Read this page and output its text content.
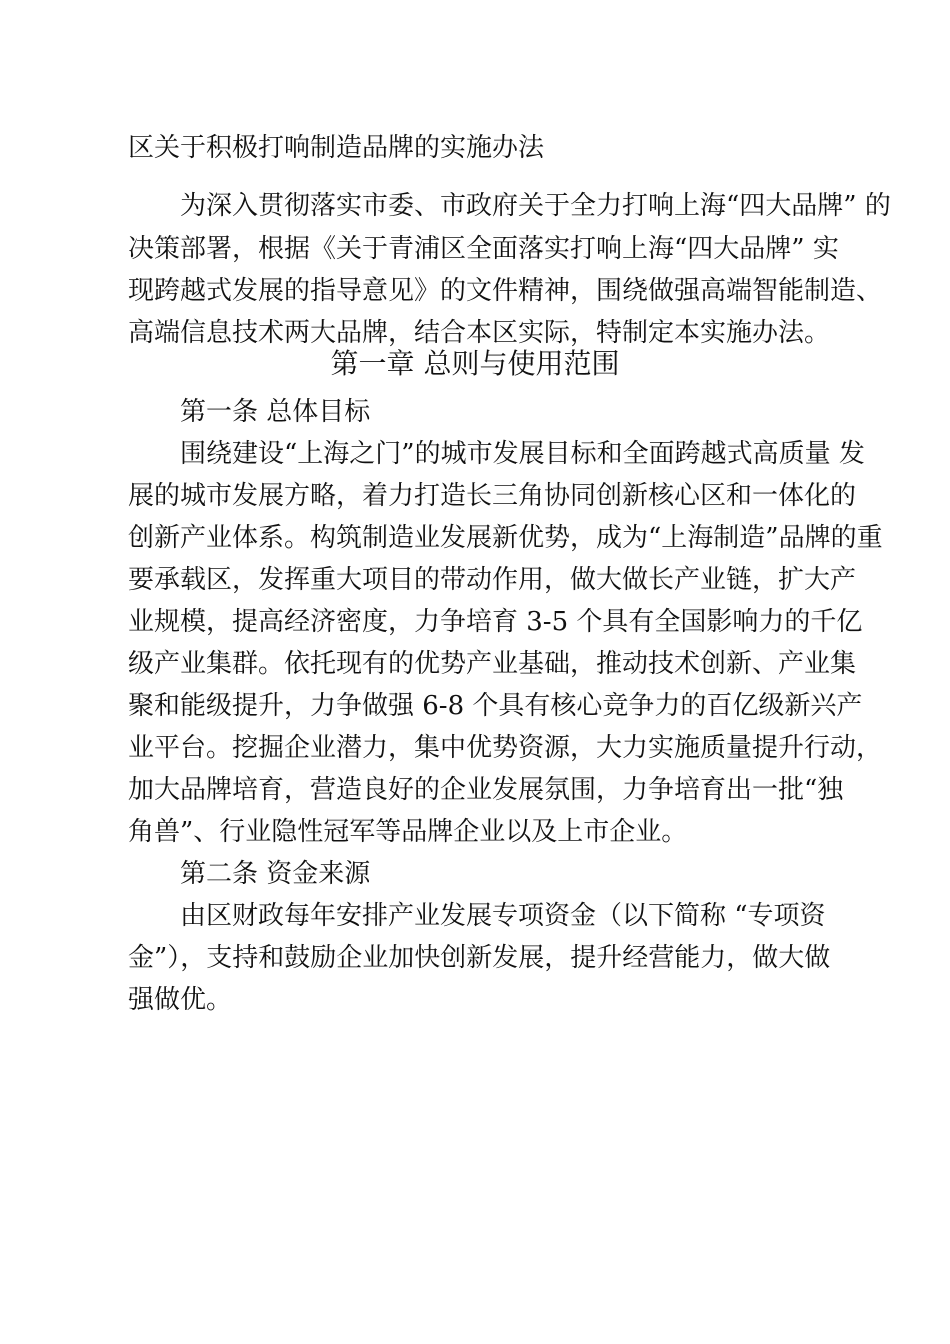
区关于积极打响制造品牌的实施办法
为深入贯彻落实市委、市政府关于全力打响上海“四大品牌” 的
决策部署，根据《关于青浦区全面落实打响上海“四大品牌” 实
现跨越式发展的指导意见》的文件精神，围绕做强高端智能制造、
高端信息技术两大品牌，结合本区实际，特制定本实施办法。
第一章 总则与使用范围
第一条 总体目标
围绕建设“上海之门”的城市发展目标和全面跨越式高质量 发
展的城市发展方略，着力打造长三角协同创新核心区和一体化的
创新产业体系。构筑制造业发展新优势，成为“上海制造”品牌的重
要承载区，发挥重大项目的带动作用，做大做长产业链，扩大产
业规模，提高经济密度，力争培育 3-5 个具有全国影响力的千亿
级产业集群。依托现有的优势产业基础，推动技术创新、产业集
聚和能级提升，力争做强 6-8 个具有核心竞争力的百亿级新兴产
业平台。挖掘企业潜力，集中优势资源，大力实施质量提升行动，
加大品牌培育，营造良好的企业发展氛围，力争培育出一批“独
角兽”、行业隐性冠军等品牌企业以及上市企业。
第二条 资金来源
由区财政每年安排产业发展专项资金（以下简称 “专项资
金”），支持和鼓励企业加快创新发展，提升经营能力，做大做
强做优。
